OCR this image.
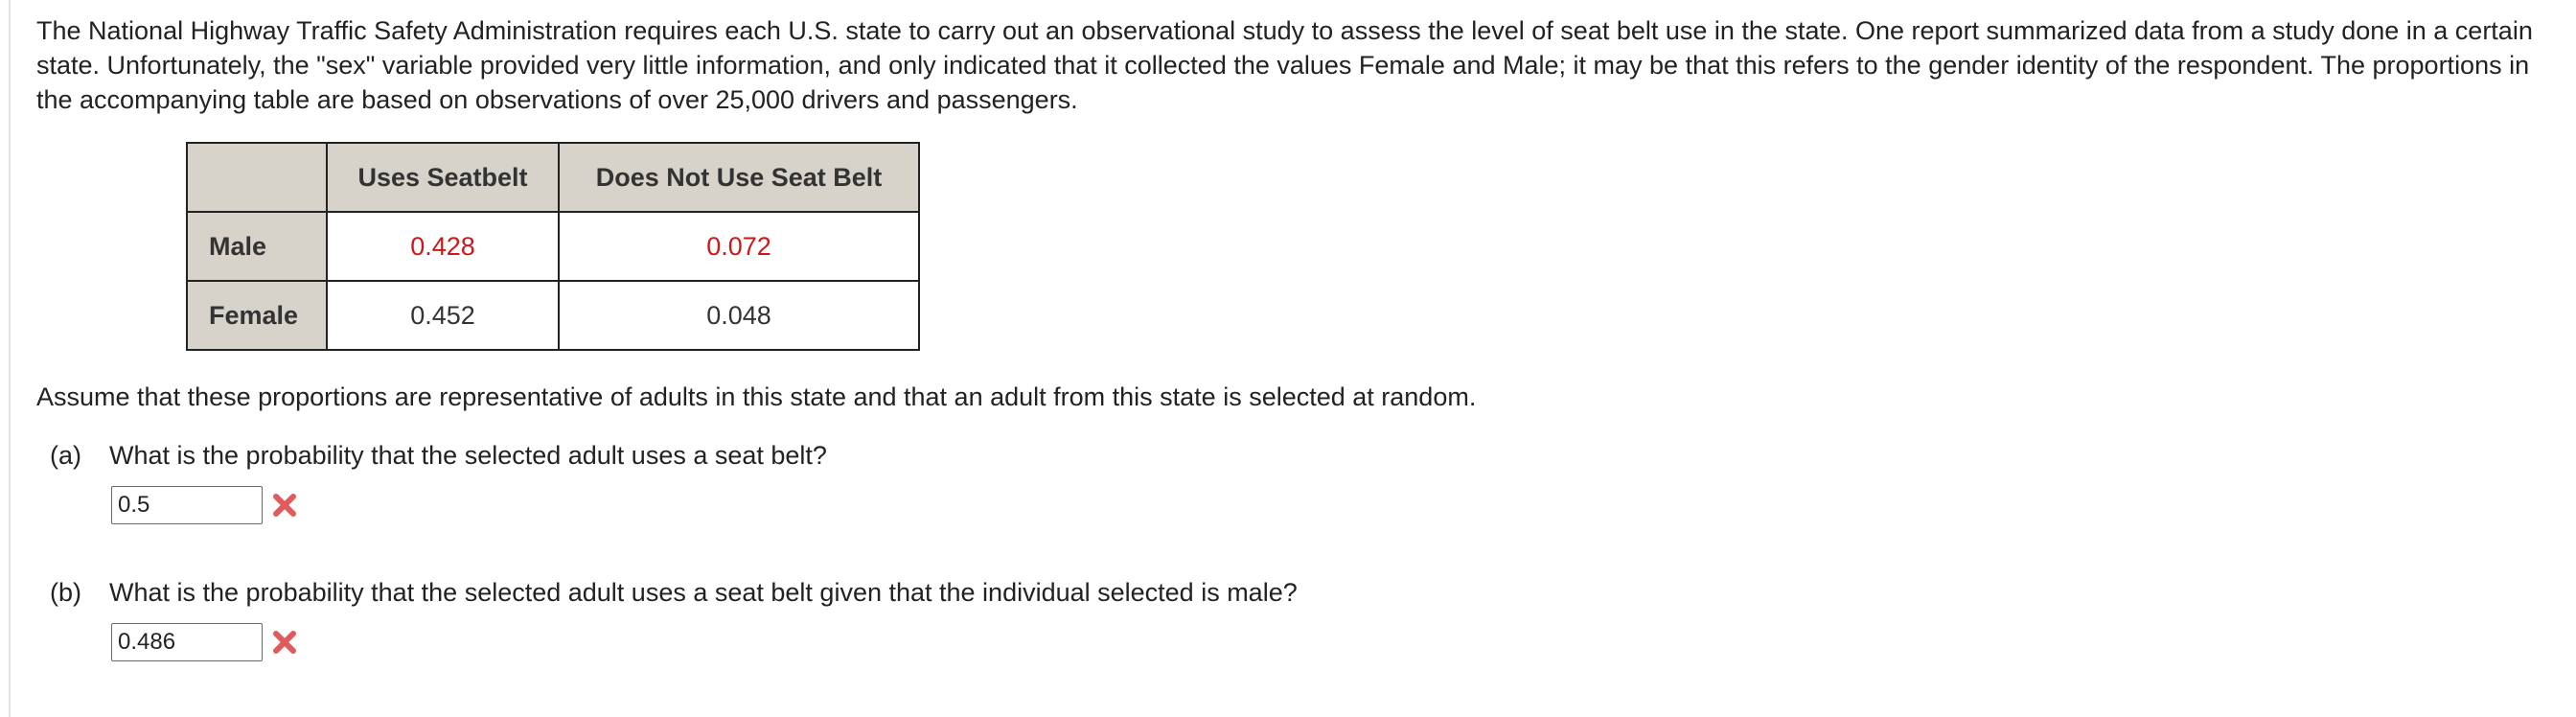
The National Highway Traffic Safety Administration requires each U.S. state to carry out an observational study to assess the level of seat belt use in the state. One report summarized data from a study done in a certain state. Unfortunately, the "sex" variable provided very little information, and only indicated that it collected the values Female and Male; it may be that this refers to the gender identity of the respondent. The proportions in the accompanying table are based on observations of over 25,000 drivers and passengers.

	Uses Seatbelt	Does Not Use Seat Belt
Male	0.428	0.072
Female	0.452	0.048

Assume that these proportions are representative of adults in this state and that an adult from this state is selected at random.

(a) What is the probability that the selected adult uses a seat belt?
0.5
(b) What is the probability that the selected adult uses a seat belt given that the individual selected is male?
0.486
